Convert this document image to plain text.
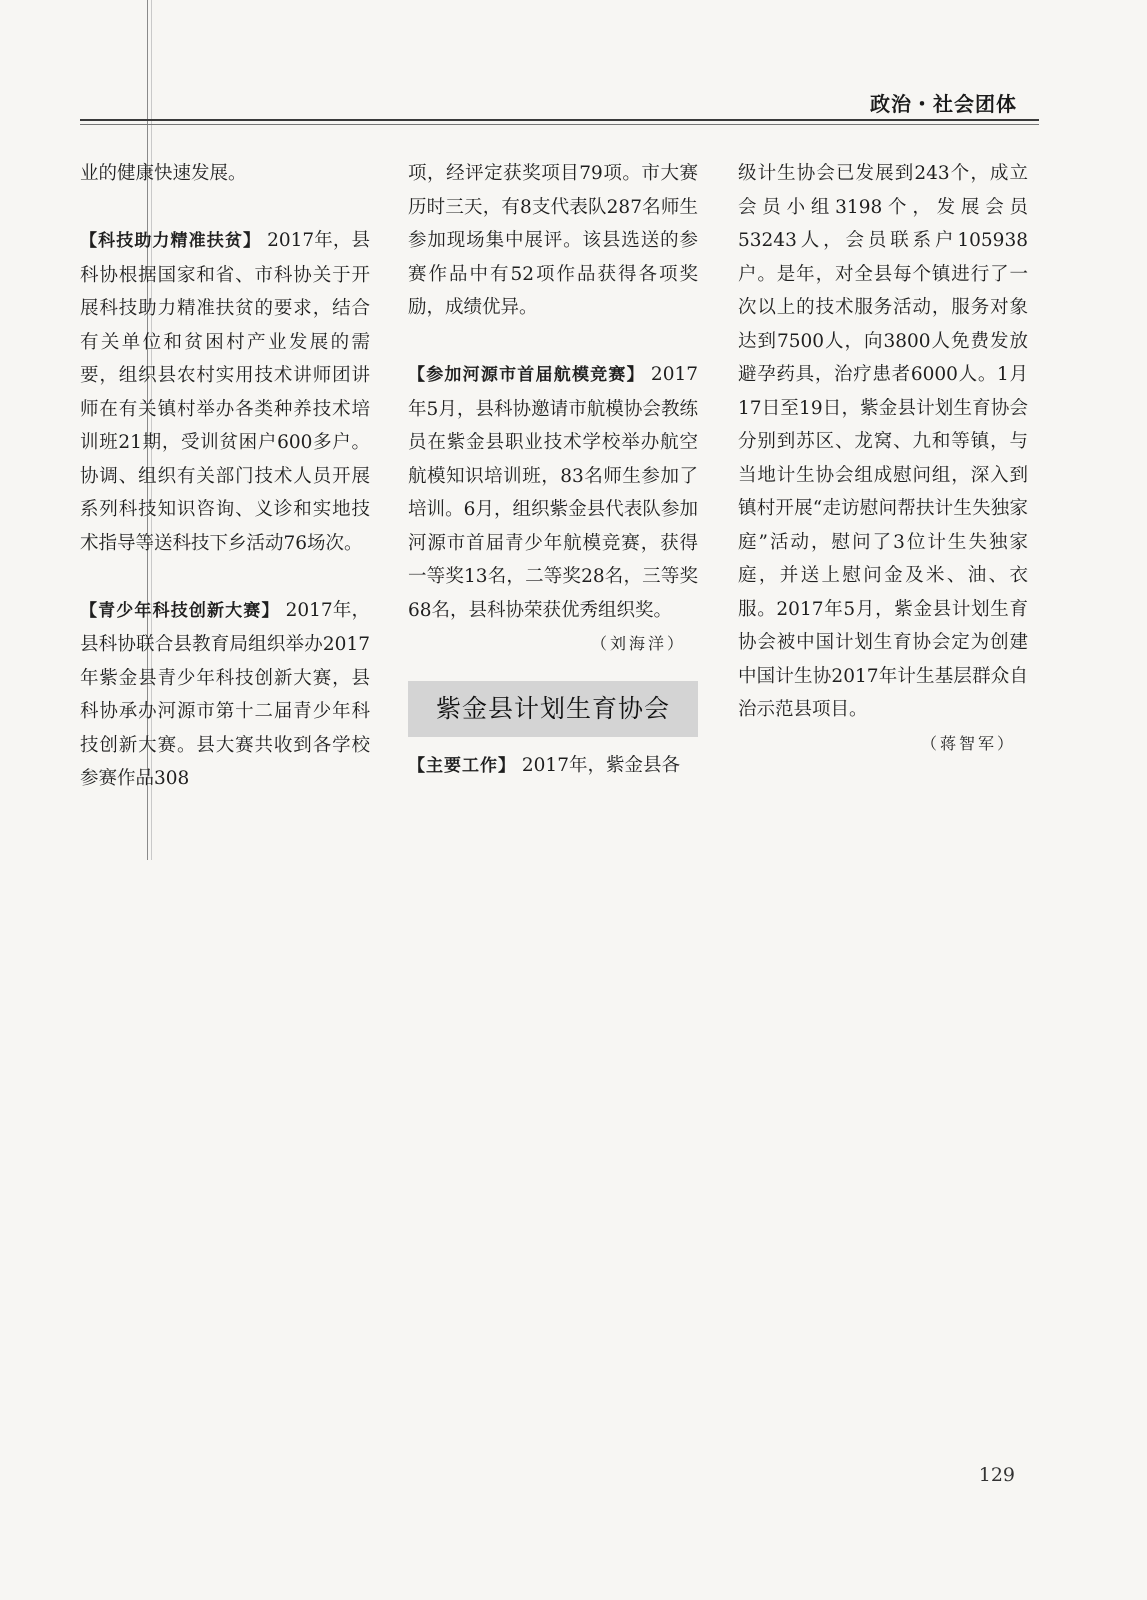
政治・社会团体

业的健康快速发展。

【科技助力精准扶贫】 2017年，县科协根据国家和省、市科协关于开展科技助力精准扶贫的要求，结合有关单位和贫困村产业发展的需要，组织县农村实用技术讲师团讲师在有关镇村举办各类种养技术培训班21期，受训贫困户600多户。协调、组织有关部门技术人员开展系列科技知识咨询、义诊和实地技术指导等送科技下乡活动76场次。

【青少年科技创新大赛】 2017年，县科协联合县教育局组织举办2017年紫金县青少年科技创新大赛，县科协承办河源市第十二届青少年科技创新大赛。县大赛共收到各学校参赛作品308

项，经评定获奖项目79项。市大赛历时三天，有8支代表队287名师生参加现场集中展评。该县选送的参赛作品中有52项作品获得各项奖励，成绩优异。

【参加河源市首届航模竞赛】 2017年5月，县科协邀请市航模协会教练员在紫金县职业技术学校举办航空航模知识培训班，83名师生参加了培训。6月，组织紫金县代表队参加河源市首届青少年航模竞赛，获得一等奖13名，二等奖28名，三等奖68名，县科协荣获优秀组织奖。

（刘海洋）

紫金县计划生育协会

【主要工作】 2017年，紫金县各

级计生协会已发展到243个，成立会员小组3198个，发展会员53243人，会员联系户105938户。是年，对全县每个镇进行了一次以上的技术服务活动，服务对象达到7500人，向3800人免费发放避孕药具，治疗患者6000人。1月17日至19日，紫金县计划生育协会分别到苏区、龙窝、九和等镇，与当地计生协会组成慰问组，深入到镇村开展“走访慰问帮扶计生失独家庭”活动，慰问了3位计生失独家庭，并送上慰问金及米、油、衣服。2017年5月，紫金县计划生育协会被中国计划生育协会定为创建中国计生协2017年计生基层群众自治示范县项目。

（蒋智军）

129
